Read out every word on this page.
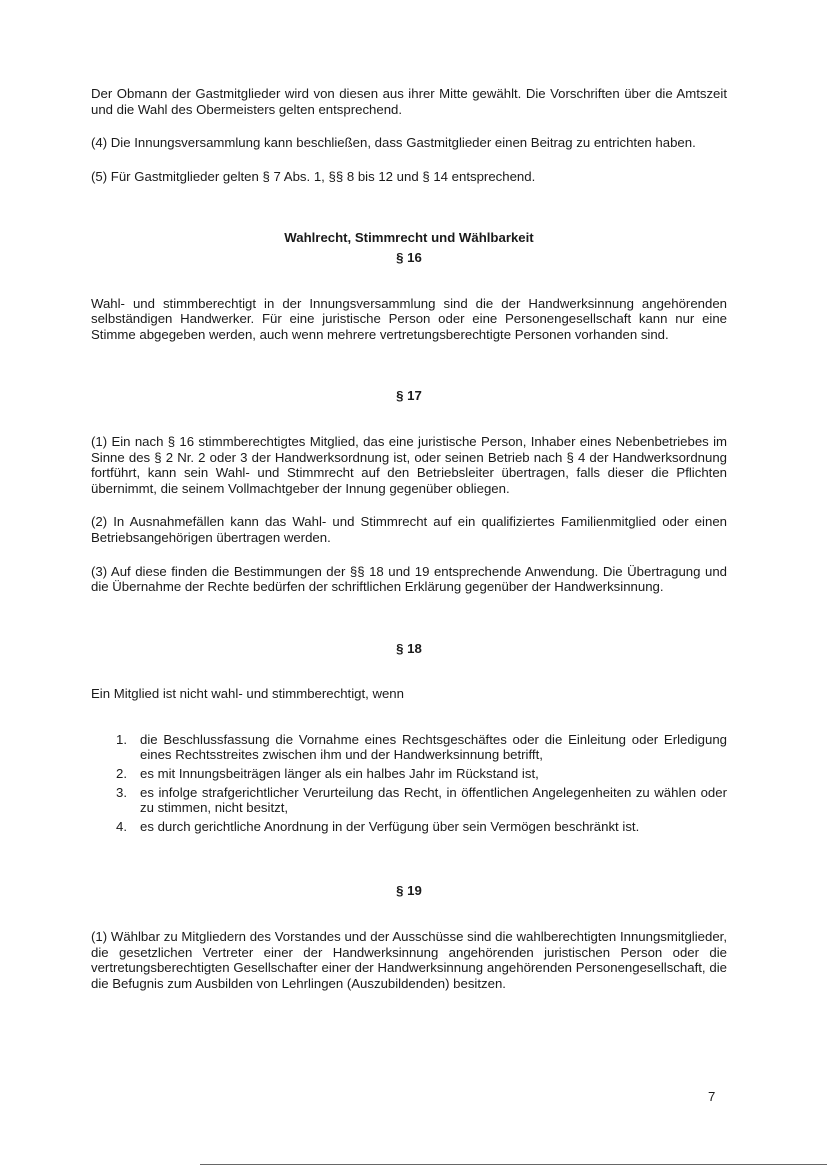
Der Obmann der Gastmitglieder wird von diesen aus ihrer Mitte gewählt. Die Vorschriften über die Amtszeit und die Wahl des Obermeisters gelten entsprechend.

(4) Die Innungsversammlung kann beschließen, dass Gastmitglieder einen Beitrag zu entrichten haben.

(5) Für Gastmitglieder gelten § 7 Abs. 1, §§ 8 bis 12 und § 14 entsprechend.

Wahlrecht, Stimmrecht und Wählbarkeit

§ 16

Wahl- und stimmberechtigt in der Innungsversammlung sind die der Handwerksinnung angehörenden selbständigen Handwerker. Für eine juristische Person oder eine Personengesellschaft kann nur eine Stimme abgegeben werden, auch wenn mehrere vertretungsberechtigte Personen vorhanden sind.

§ 17

(1) Ein nach § 16 stimmberechtigtes Mitglied, das eine juristische Person, Inhaber eines Nebenbetriebes im Sinne des § 2 Nr. 2 oder 3 der Handwerksordnung ist, oder seinen Betrieb nach § 4 der Handwerksordnung fortführt, kann sein Wahl- und Stimmrecht auf den Betriebsleiter übertragen, falls dieser die Pflichten übernimmt, die seinem Vollmachtgeber der Innung gegenüber obliegen.

(2) In Ausnahmefällen kann das Wahl- und Stimmrecht auf ein qualifiziertes Familienmitglied oder einen Betriebsangehörigen übertragen werden.

(3) Auf diese finden die Bestimmungen der §§ 18 und 19 entsprechende Anwendung. Die Übertragung und die Übernahme der Rechte bedürfen der schriftlichen Erklärung gegenüber der Handwerksinnung.

§ 18

Ein Mitglied ist nicht wahl- und stimmberechtigt, wenn

1. die Beschlussfassung die Vornahme eines Rechtsgeschäftes oder die Einleitung oder Erledigung eines Rechtsstreites zwischen ihm und der Handwerksinnung betrifft,
2. es mit Innungsbeiträgen länger als ein halbes Jahr im Rückstand ist,
3. es infolge strafgerichtlicher Verurteilung das Recht, in öffentlichen Angelegenheiten zu wählen oder zu stimmen, nicht besitzt,
4. es durch gerichtliche Anordnung in der Verfügung über sein Vermögen beschränkt ist.

§ 19

(1) Wählbar zu Mitgliedern des Vorstandes und der Ausschüsse sind die wahlberechtigten Innungsmitglieder, die gesetzlichen Vertreter einer der Handwerksinnung angehörenden juristischen Person oder die vertretungsberechtigten Gesellschafter einer der Handwerksinnung angehörenden Personengesellschaft, die die Befugnis zum Ausbilden von Lehrlingen (Auszubildenden) besitzen.

7
